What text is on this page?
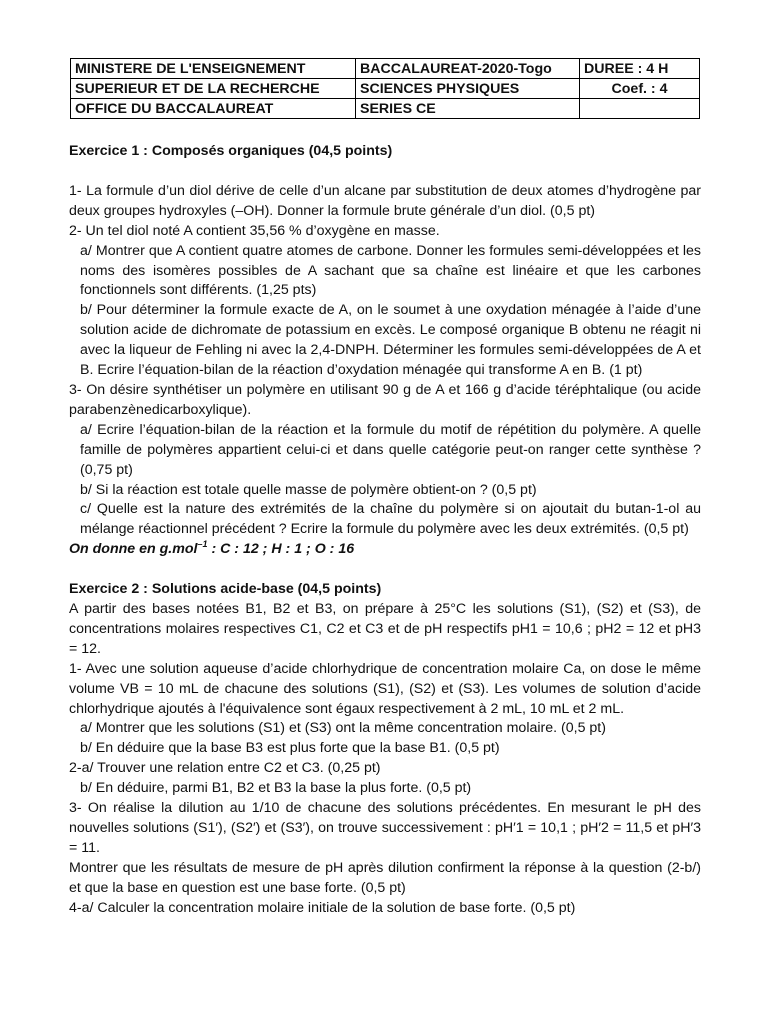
MINISTERE DE L'ENSEIGNEMENT	BACCALAUREAT-2020-Togo	DUREE : 4 H
SUPERIEUR ET DE LA RECHERCHE	SCIENCES PHYSIQUES	Coef. : 4
OFFICE DU BACCALAUREAT	SERIES CE	

Exercice 1 : Composés organiques (04,5 points)

1- La formule d’un diol dérive de celle d’un alcane par substitution de deux atomes d’hydrogène par deux groupes hydroxyles (–OH). Donner la formule brute générale d’un diol. (0,5 pt)

2- Un tel diol noté A contient 35,56 % d’oxygène en masse.

a/ Montrer que A contient quatre atomes de carbone. Donner les formules semi-développées et les noms des isomères possibles de A sachant que sa chaîne est linéaire et que les carbones fonctionnels sont différents. (1,25 pts)

b/ Pour déterminer la formule exacte de A, on le soumet à une oxydation ménagée à l’aide d’une solution acide de dichromate de potassium en excès. Le composé organique B obtenu ne réagit ni avec la liqueur de Fehling ni avec la 2,4-DNPH. Déterminer les formules semi-développées de A et B. Ecrire l’équation-bilan de la réaction d’oxydation ménagée qui transforme A en B. (1 pt)

3- On désire synthétiser un polymère en utilisant 90 g de A et 166 g d’acide téréphtalique (ou acide parabenzènedicarboxylique).

a/ Ecrire l’équation-bilan de la réaction et la formule du motif de répétition du polymère. A quelle famille de polymères appartient celui-ci et dans quelle catégorie peut-on ranger cette synthèse ? (0,75 pt)

b/ Si la réaction est totale quelle masse de polymère obtient-on ? (0,5 pt)

c/ Quelle est la nature des extrémités de la chaîne du polymère si on ajoutait du butan-1-ol au mélange réactionnel précédent ? Ecrire la formule du polymère avec les deux extrémités. (0,5 pt)

On donne en g.mol$^{-1}$ : C : 12 ; H : 1 ; O : 16

Exercice 2 : Solutions acide-base (04,5 points)

A partir des bases notées B1, B2 et B3, on prépare à 25°C les solutions (S1), (S2) et (S3), de concentrations molaires respectives C1, C2 et C3 et de pH respectifs pH1 = 10,6 ; pH2 = 12 et pH3 = 12.

1- Avec une solution aqueuse d’acide chlorhydrique de concentration molaire Ca, on dose le même volume VB = 10 mL de chacune des solutions (S1), (S2) et (S3). Les volumes de solution d’acide chlorhydrique ajoutés à l'équivalence sont égaux respectivement à 2 mL, 10 mL et 2 mL.

a/ Montrer que les solutions (S1) et (S3) ont la même concentration molaire. (0,5 pt)

b/ En déduire que la base B3 est plus forte que la base B1. (0,5 pt)

2-a/ Trouver une relation entre C2 et C3. (0,25 pt)

b/ En déduire, parmi B1, B2 et B3 la base la plus forte. (0,5 pt)

3- On réalise la dilution au 1/10 de chacune des solutions précédentes. En mesurant le pH des nouvelles solutions (S1′), (S2′) et (S3′), on trouve successivement : pH′1 = 10,1 ; pH′2 = 11,5 et pH′3 = 11.

Montrer que les résultats de mesure de pH après dilution confirment la réponse à la question (2-b/) et que la base en question est une base forte. (0,5 pt)

4-a/ Calculer la concentration molaire initiale de la solution de base forte. (0,5 pt)
